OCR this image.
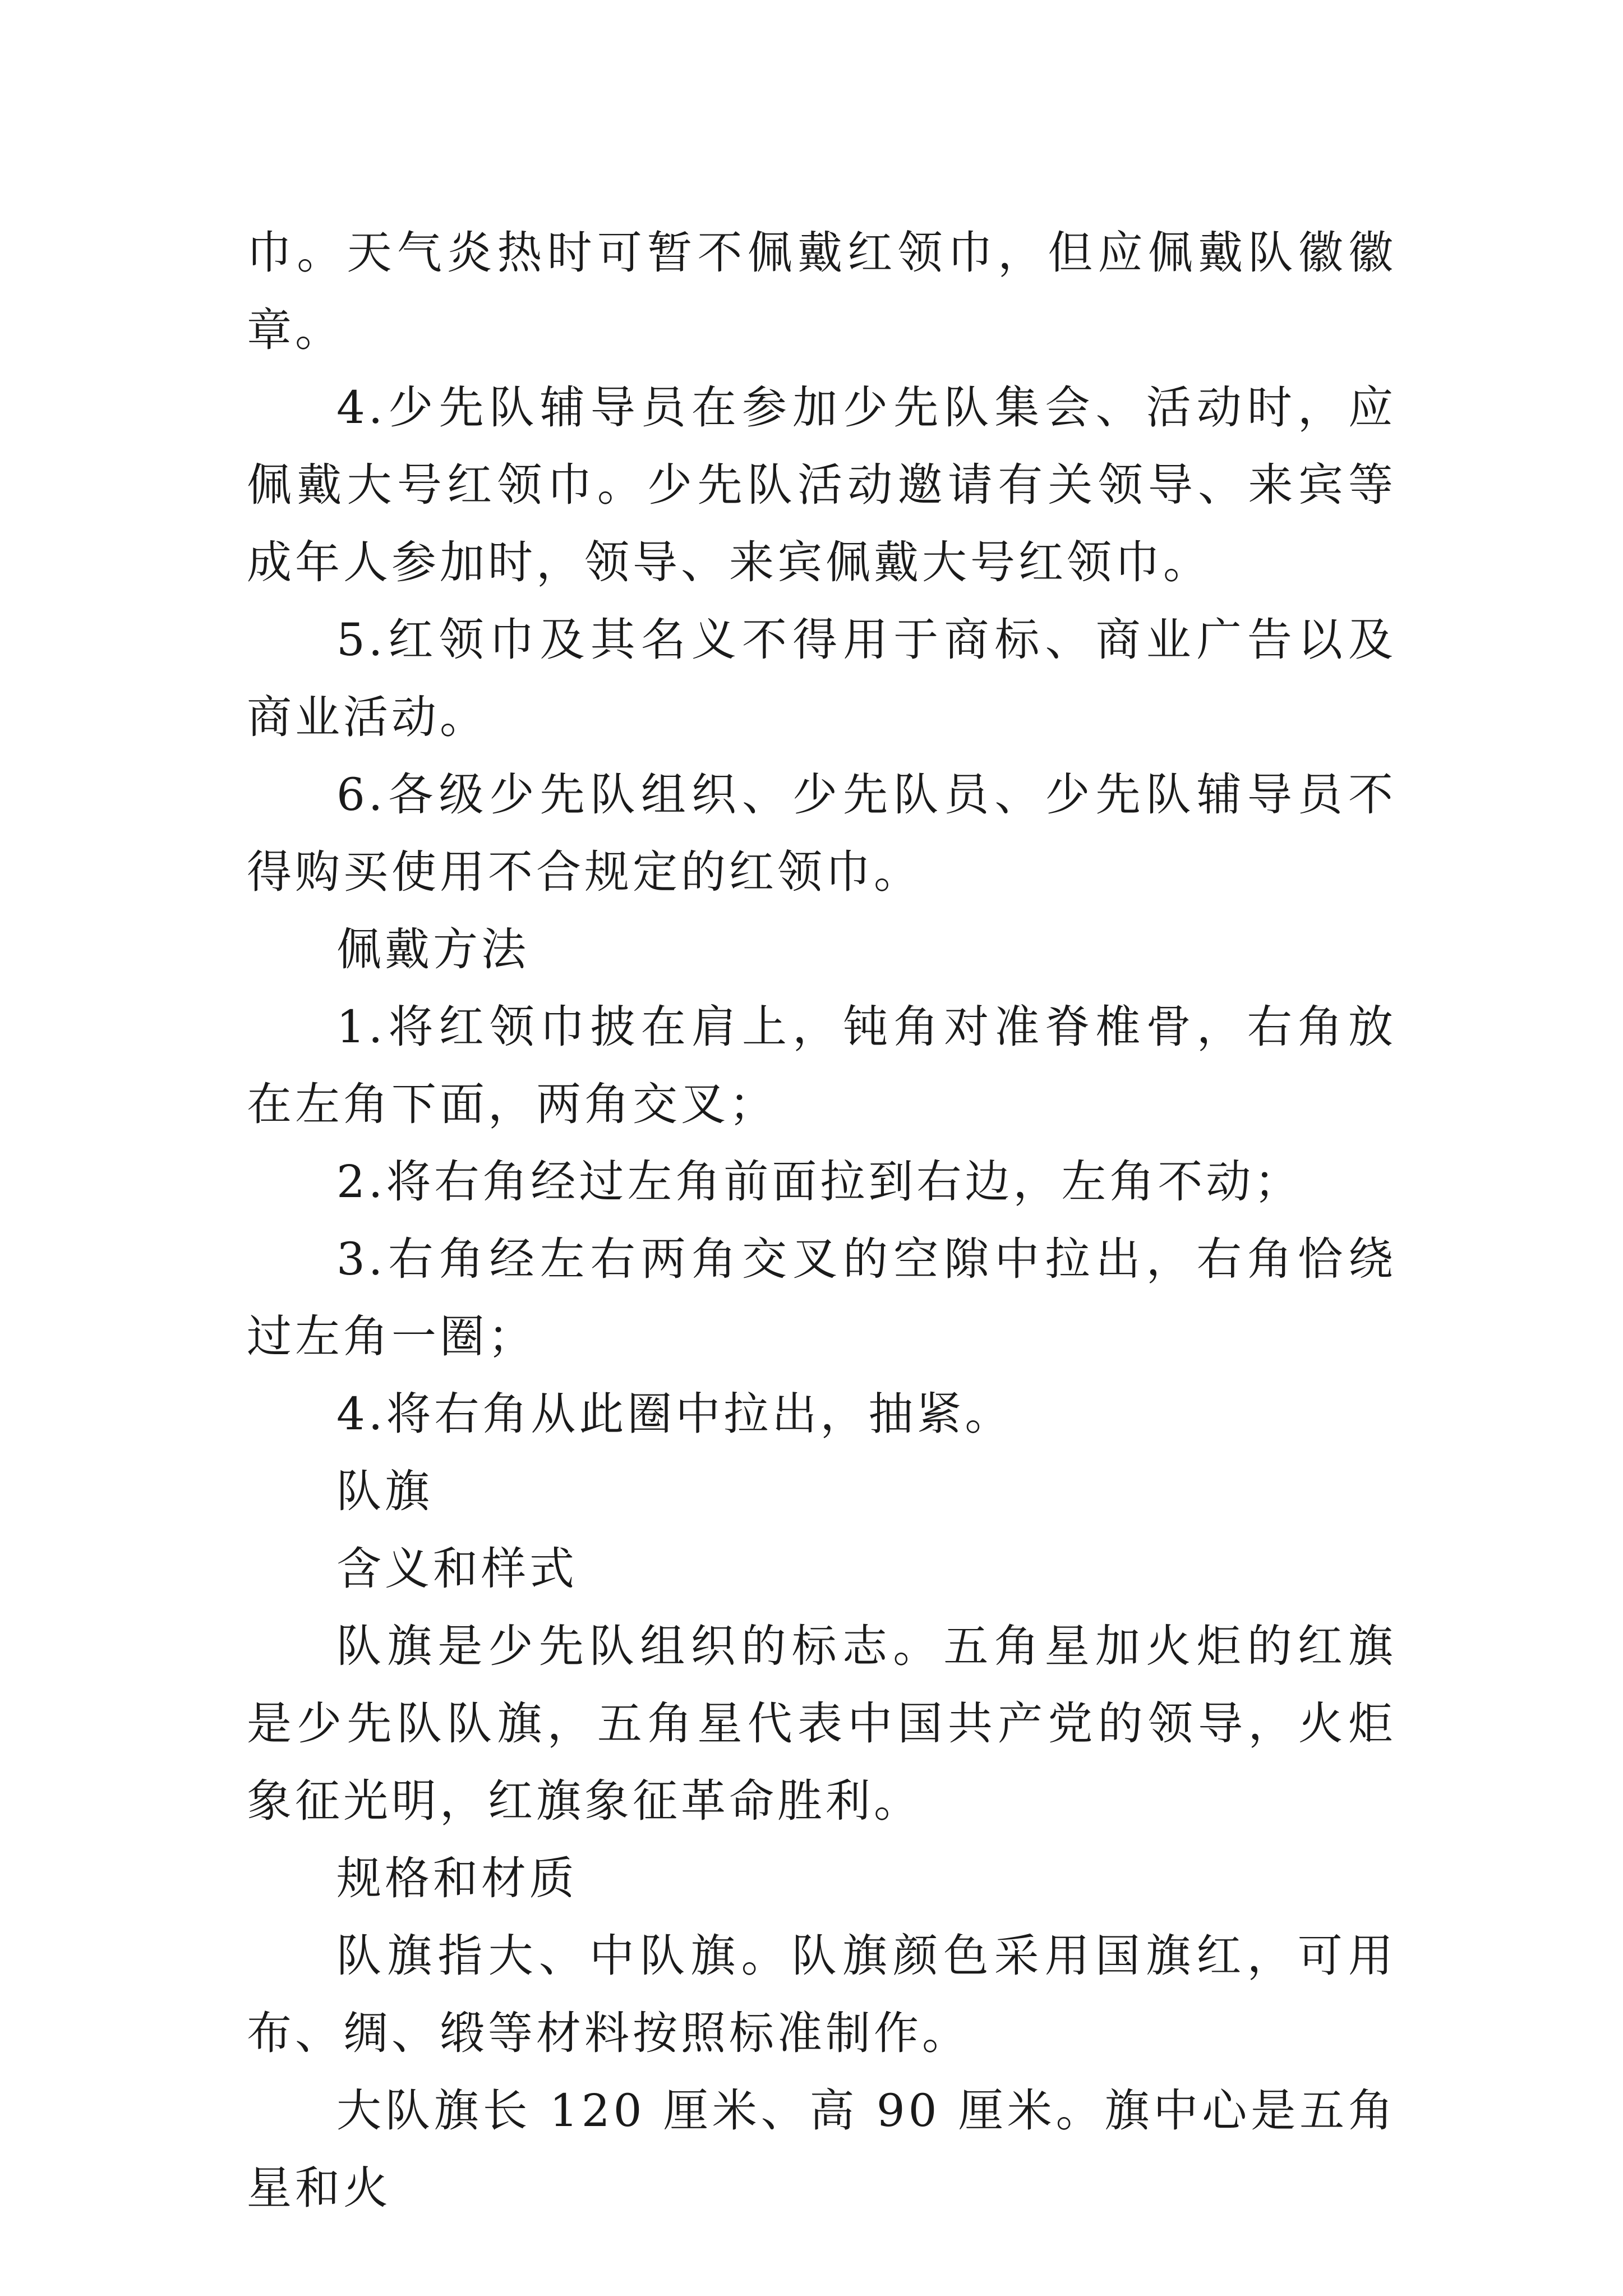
巾。天气炎热时可暂不佩戴红领巾，但应佩戴队徽徽章。

4.少先队辅导员在参加少先队集会、活动时，应佩戴大号红领巾。少先队活动邀请有关领导、来宾等成年人参加时，领导、来宾佩戴大号红领巾。

5.红领巾及其名义不得用于商标、商业广告以及商业活动。

6.各级少先队组织、少先队员、少先队辅导员不得购买使用不合规定的红领巾。

佩戴方法

1.将红领巾披在肩上，钝角对准脊椎骨，右角放在左角下面，两角交叉；

2.将右角经过左角前面拉到右边，左角不动；

3.右角经左右两角交叉的空隙中拉出，右角恰绕过左角一圈；

4.将右角从此圈中拉出，抽紧。

队旗

含义和样式

队旗是少先队组织的标志。五角星加火炬的红旗是少先队队旗，五角星代表中国共产党的领导，火炬象征光明，红旗象征革命胜利。

规格和材质

队旗指大、中队旗。队旗颜色采用国旗红，可用布、绸、缎等材料按照标准制作。

大队旗长 120 厘米、高 90 厘米。旗中心是五角星和火
